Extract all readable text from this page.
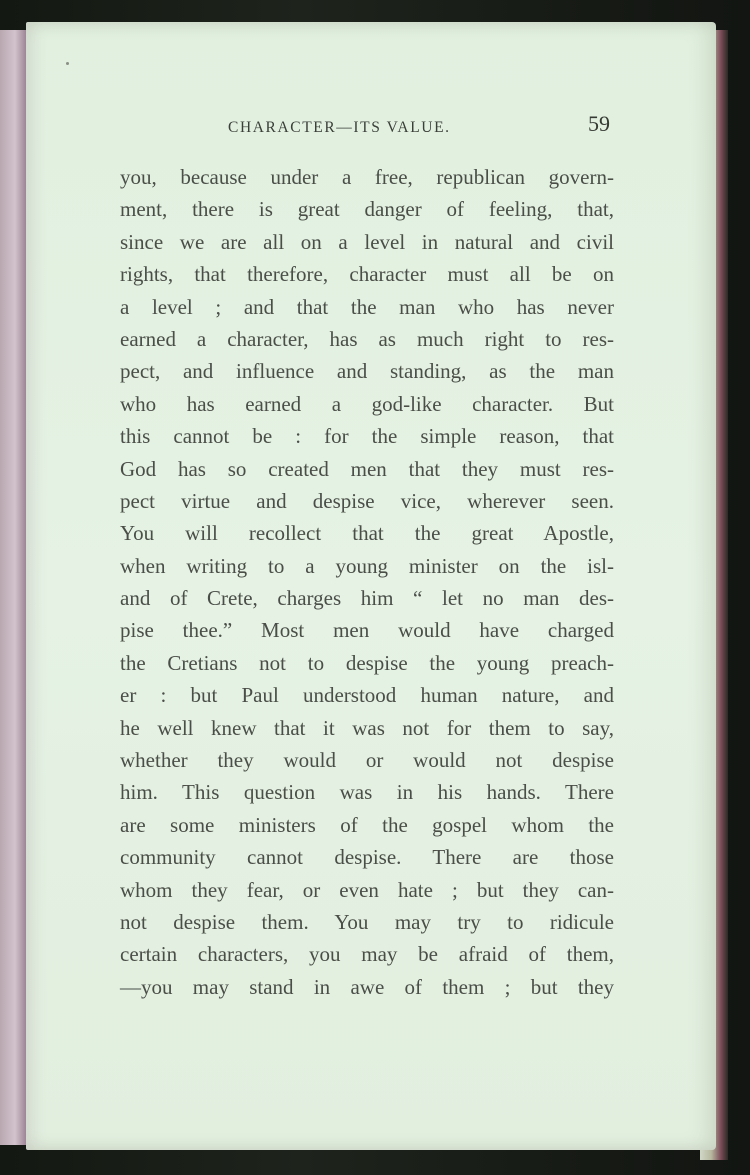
CHARACTER—ITS VALUE.	59
you, because under a free, republican govern-
ment, there is great danger of feeling, that,
since we are all on a level in natural and civil
rights, that therefore, character must all be on
a level ; and that the man who has never
earned a character, has as much right to res-
pect, and influence and standing, as the man
who has earned a god-like character. But
this cannot be : for the simple reason, that
God has so created men that they must res-
pect virtue and despise vice, wherever seen.
You will recollect that the great Apostle,
when writing to a young minister on the isl-
and of Crete, charges him “ let no man des-
pise thee.” Most men would have charged
the Cretians not to despise the young preach-
er : but Paul understood human nature, and
he well knew that it was not for them to say,
whether they would or would not despise
him. This question was in his hands. There
are some ministers of the gospel whom the
community cannot despise. There are those
whom they fear, or even hate ; but they can-
not despise them. You may try to ridicule
certain characters, you may be afraid of them,
—you may stand in awe of them ; but they
